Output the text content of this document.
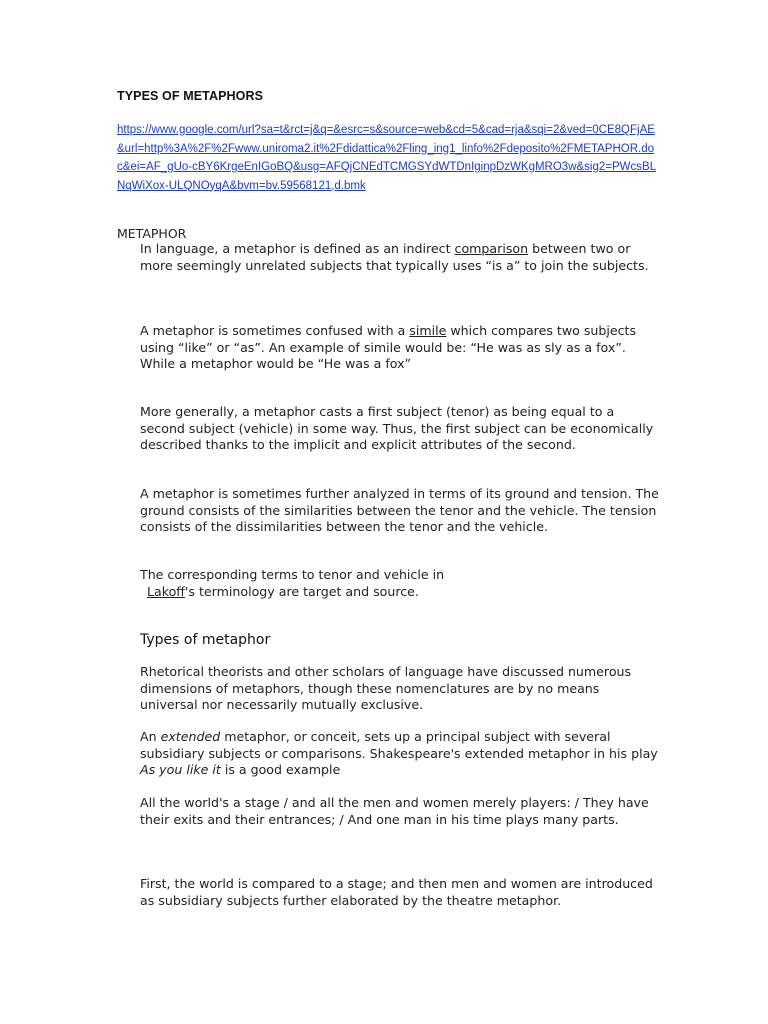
TYPES OF METAPHORS
https://www.google.com/url?sa=t&rct=j&q=&esrc=s&source=web&cd=5&cad=rja&sqi=2&ved=0CE8QFjAE&url=http%3A%2F%2Fwww.uniroma2.it%2Fdidattica%2Fling_ing1_linfo%2Fdeposito%2FMETAPHOR.doc&ei=AF_gUo-cBY6KrgeEnIGoBQ&usg=AFQjCNEdTCMGSYdWTDnIginpDzWKgMRO3w&sig2=PWcsBLNqWiXox-ULQNOyqA&bvm=bv.59568121,d.bmk
METAPHOR

In language, a metaphor is defined as an indirect comparison between two or more seemingly unrelated subjects that typically uses “is a” to join the subjects.

A metaphor is sometimes confused with a simile which compares two subjects using “like” or “as”. An example of simile would be: “He was as sly as a fox”. While a metaphor would be “He was a fox”

More generally, a metaphor casts a first subject (tenor) as being equal to a second subject (vehicle) in some way. Thus, the first subject can be economically described thanks to the implicit and explicit attributes of the second.

A metaphor is sometimes further analyzed in terms of its ground and tension. The ground consists of the similarities between the tenor and the vehicle. The tension consists of the dissimilarities between the tenor and the vehicle.

The corresponding terms to tenor and vehicle in
Lakoff's terminology are target and source.

Types of metaphor

Rhetorical theorists and other scholars of language have discussed numerous dimensions of metaphors, though these nomenclatures are by no means universal nor necessarily mutually exclusive.

An extended metaphor, or conceit, sets up a principal subject with several subsidiary subjects or comparisons. Shakespeare's extended metaphor in his play As you like it is a good example

All the world's a stage / and all the men and women merely players: / They have their exits and their entrances; / And one man in his time plays many parts.

First, the world is compared to a stage; and then men and women are introduced as subsidiary subjects further elaborated by the theatre metaphor.
